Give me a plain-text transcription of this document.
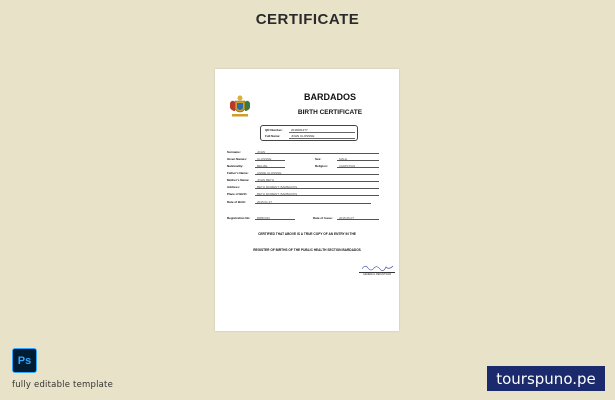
CERTIFICATE
BARDADOS
BIRTH CERTIFICATE
QR Number:	2016001277
Full Name:	JOHN CLOSSNE
Surname:	JOHN
Given Names:	CLOSSNE	Sex:	MALE
Nationality:	BELIZE	Religion:	CHRISTIAN
Father's Name:	ANNIE CLOSSNE
Mother's Name:	JOHN BETH
Address:	BETH MOMENT, BARBADOS
Place of Birth:	BETH MOMENT, BARBADOS
Date of Birth:	2015.01.27
Registration No:	BRB0333	Date of Issue:	2015.09.07
CERTIFIED THAT ABOVE IS A TRUE COPY OF AN ENTRY IN THE
REGISTER OF BIRTHS OF THE PUBLIC HEALTH SECTION BARDADOS
GENERAL REGISTRAR
Ps
fully editable template	tourspuno.pe
